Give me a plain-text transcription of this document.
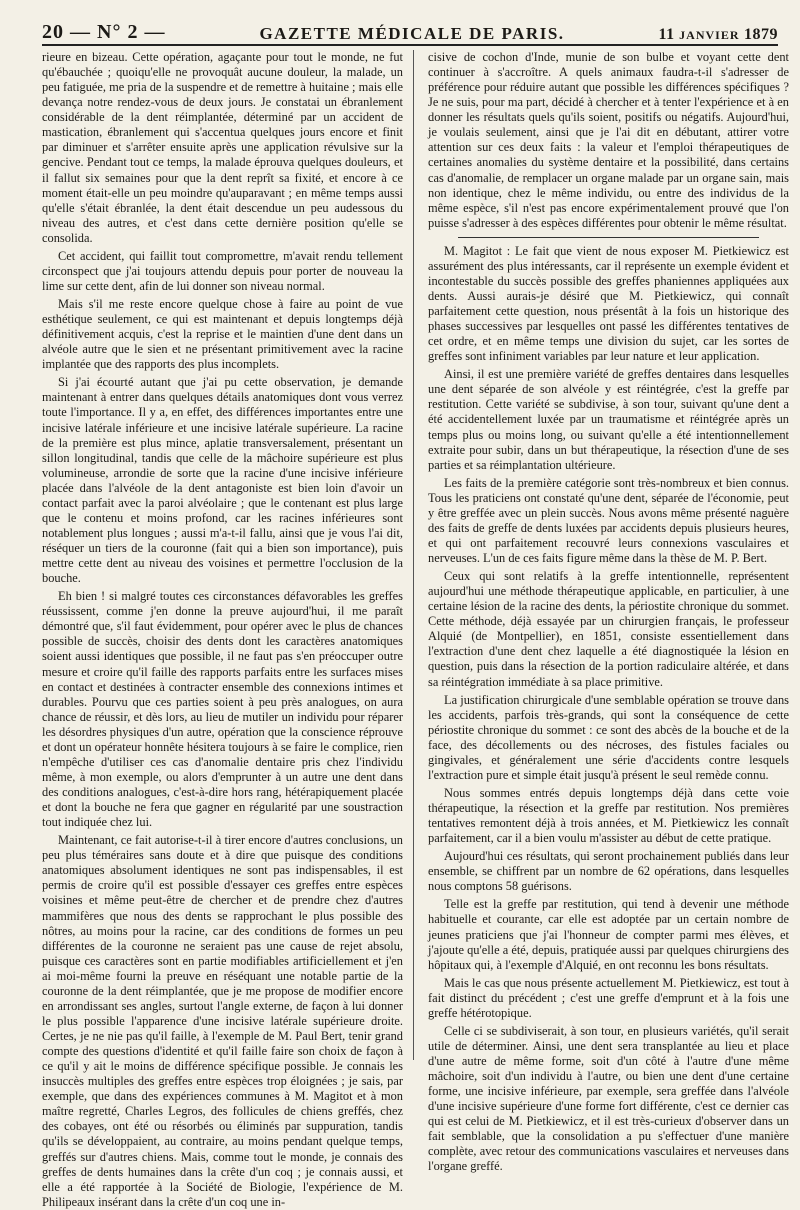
20 — N° 2 —	GAZETTE MÉDICALE DE PARIS.	11 JANVIER 1879

rieure en bizeau. Cette opération, agaçante pour tout le monde, ne fut qu'ébauchée ; quoiqu'elle ne provoquât aucune douleur, la malade, un peu fatiguée, me pria de la suspendre et de remettre à huitaine ; mais elle devança notre rendez-vous de deux jours. Je constatai un ébranlement considérable de la dent réimplantée, déterminé par un accident de mastication, ébranlement qui s'accentua quelques jours encore et finit par diminuer et s'arrêter ensuite après une application révulsive sur la gencive. Pendant tout ce temps, la malade éprouva quelques douleurs, et il fallut six semaines pour que la dent reprît sa fixité, et encore à ce moment était-elle un peu moindre qu'auparavant ; en même temps aussi qu'elle s'était ébranlée, la dent était descendue un peu audessous du niveau des autres, et c'est dans cette dernière position qu'elle se consolida.

Cet accident, qui faillit tout compromettre, m'avait rendu tellement circonspect que j'ai toujours attendu depuis pour porter de nouveau la lime sur cette dent, afin de lui donner son niveau normal.

Mais s'il me reste encore quelque chose à faire au point de vue esthétique seulement, ce qui est maintenant et depuis longtemps déjà définitivement acquis, c'est la reprise et le maintien d'une dent dans un alvéole autre que le sien et ne présentant primitivement avec la racine implantée que des rapports des plus incomplets.

Si j'ai écourté autant que j'ai pu cette observation, je demande maintenant à entrer dans quelques détails anatomiques dont vous verrez toute l'importance. Il y a, en effet, des différences importantes entre une incisive latérale inférieure et une incisive latérale supérieure. La racine de la première est plus mince, aplatie transversalement, présentant un sillon longitudinal, tandis que celle de la mâchoire supérieure est plus volumineuse, arrondie de sorte que la racine d'une incisive inférieure placée dans l'alvéole de la dent antagoniste est bien loin d'avoir un contact parfait avec la paroi alvéolaire ; que le contenant est plus large que le contenu et moins profond, car les racines inférieures sont notablement plus longues ; aussi m'a-t-il fallu, ainsi que je vous l'ai dit, réséquer un tiers de la couronne (fait qui a bien son importance), puis mettre cette dent au niveau des voisines et permettre l'occlusion de la bouche.

Eh bien ! si malgré toutes ces circonstances défavorables les greffes réussissent, comme j'en donne la preuve aujourd'hui, il me paraît démontré que, s'il faut évidemment, pour opérer avec le plus de chances possible de succès, choisir des dents dont les caractères anatomiques soient aussi identiques que possible, il ne faut pas s'en préoccuper outre mesure et croire qu'il faille des rapports parfaits entre les surfaces mises en contact et destinées à contracter ensemble des connexions intimes et durables. Pourvu que ces parties soient à peu près analogues, on aura chance de réussir, et dès lors, au lieu de mutiler un individu pour réparer les désordres physiques d'un autre, opération que la conscience réprouve et dont un opérateur honnête hésitera toujours à se faire le complice, rien n'empêche d'utiliser ces cas d'anomalie dentaire pris chez l'individu même, à mon exemple, ou alors d'emprunter à un autre une dent dans des conditions analogues, c'est-à-dire hors rang, hétérapiquement placée et dont la bouche ne fera que gagner en régularité par une soustraction tout indiquée chez lui.

Maintenant, ce fait autorise-t-il à tirer encore d'autres conclusions, un peu plus téméraires sans doute et à dire que puisque des conditions anatomiques absolument identiques ne sont pas indispensables, il est permis de croire qu'il est possible d'essayer ces greffes entre espèces voisines et même peut-être de chercher et de prendre chez d'autres mammifères que nous des dents se rapprochant le plus possible des nôtres, au moins pour la racine, car des conditions de formes un peu différentes de la couronne ne seraient pas une cause de rejet absolu, puisque ces caractères sont en partie modifiables artificiellement et j'en ai moi-même fourni la preuve en réséquant une notable partie de la couronne de la dent réimplantée, que je me propose de modifier encore en arrondissant ses angles, surtout l'angle externe, de façon à lui donner le plus possible l'apparence d'une incisive latérale supérieure droite. Certes, je ne nie pas qu'il faille, à l'exemple de M. Paul Bert, tenir grand compte des questions d'identité et qu'il faille faire son choix de façon à ce qu'il y ait le moins de différence spécifique possible. Je connais les insuccès multiples des greffes entre espèces trop éloignées ; je sais, par exemple, que dans des expériences communes à M. Magitot et à mon maître regretté, Charles Legros, des follicules de chiens greffés, chez des cobayes, ont été ou résorbés ou éliminés par suppuration, tandis qu'ils se développaient, au contraire, au moins pendant quelque temps, greffés sur d'autres chiens. Mais, comme tout le monde, je connais des greffes de dents humaines dans la crête d'un coq ; je connais aussi, et elle a été rapportée à la Société de Biologie, l'expérience de M. Philipeaux insérant dans la crête d'un coq une in-

cisive de cochon d'Inde, munie de son bulbe et voyant cette dent continuer à s'accroître. A quels animaux faudra-t-il s'adresser de préférence pour réduire autant que possible les différences spécifiques ? Je ne suis, pour ma part, décidé à chercher et à tenter l'expérience et à en donner les résultats quels qu'ils soient, positifs ou négatifs. Aujourd'hui, je voulais seulement, ainsi que je l'ai dit en débutant, attirer votre attention sur ces deux faits : la valeur et l'emploi thérapeutiques de certaines anomalies du système dentaire et la possibilité, dans certains cas d'anomalie, de remplacer un organe malade par un organe sain, mais non identique, chez le même individu, ou entre des individus de la même espèce, s'il n'est pas encore expérimentalement prouvé que l'on puisse s'adresser à des espèces différentes pour obtenir le même résultat.

M. Magitot : Le fait que vient de nous exposer M. Pietkiewicz est assurément des plus intéressants, car il représente un exemple évident et incontestable du succès possible des greffes phaniennes appliquées aux dents. Aussi aurais-je désiré que M. Pietkiewicz, qui connaît parfaitement cette question, nous présentât à la fois un historique des phases successives par lesquelles ont passé les différentes tentatives de cet ordre, et en même temps une division du sujet, car les sortes de greffes sont infiniment variables par leur nature et leur application.

Ainsi, il est une première variété de greffes dentaires dans lesquelles une dent séparée de son alvéole y est réintégrée, c'est la greffe par restitution. Cette variété se subdivise, à son tour, suivant qu'une dent a été accidentellement luxée par un traumatisme et réintégrée après un temps plus ou moins long, ou suivant qu'elle a été intentionnellement extraite pour subir, dans un but thérapeutique, la résection d'une de ses parties et sa réimplantation ultérieure.

Les faits de la première catégorie sont très-nombreux et bien connus. Tous les praticiens ont constaté qu'une dent, séparée de l'économie, peut y être greffée avec un plein succès. Nous avons même présenté naguère des faits de greffe de dents luxées par accidents depuis plusieurs heures, et qui ont parfaitement recouvré leurs connexions vasculaires et nerveuses. L'un de ces faits figure même dans la thèse de M. P. Bert.

Ceux qui sont relatifs à la greffe intentionnelle, représentent aujourd'hui une méthode thérapeutique applicable, en particulier, à une certaine lésion de la racine des dents, la périostite chronique du sommet. Cette méthode, déjà essayée par un chirurgien français, le professeur Alquié (de Montpellier), en 1851, consiste essentiellement dans l'extraction d'une dent chez laquelle a été diagnostiquée la lésion en question, puis dans la résection de la portion radiculaire altérée, et dans sa réintégration immédiate à sa place primitive.

La justification chirurgicale d'une semblable opération se trouve dans les accidents, parfois très-grands, qui sont la conséquence de cette périostite chronique du sommet : ce sont des abcès de la bouche et de la face, des décollements ou des nécroses, des fistules faciales ou gingivales, et généralement une série d'accidents contre lesquels l'extraction pure et simple était jusqu'à présent le seul remède connu.

Nous sommes entrés depuis longtemps déjà dans cette voie thérapeutique, la résection et la greffe par restitution. Nos premières tentatives remontent déjà à trois années, et M. Pietkiewicz les connaît parfaitement, car il a bien voulu m'assister au début de cette pratique.

Aujourd'hui ces résultats, qui seront prochainement publiés dans leur ensemble, se chiffrent par un nombre de 62 opérations, dans lesquelles nous comptons 58 guérisons.

Telle est la greffe par restitution, qui tend à devenir une méthode habituelle et courante, car elle est adoptée par un certain nombre de jeunes praticiens que j'ai l'honneur de compter parmi mes élèves, et j'ajoute qu'elle a été, depuis, pratiquée aussi par quelques chirurgiens des hôpitaux qui, à l'exemple d'Alquié, en ont reconnu les bons résultats.

Mais le cas que nous présente actuellement M. Pietkiewicz, est tout à fait distinct du précédent ; c'est une greffe d'emprunt et à la fois une greffe hétérotopique.

Celle ci se subdiviserait, à son tour, en plusieurs variétés, qu'il serait utile de déterminer. Ainsi, une dent sera transplantée au lieu et place d'une autre de même forme, soit d'un côté à l'autre d'une même mâchoire, soit d'un individu à l'autre, ou bien une dent d'une certaine forme, une incisive inférieure, par exemple, sera greffée dans l'alvéole d'une incisive supérieure d'une forme fort différente, c'est ce dernier cas qui est celui de M. Pietkiewicz, et il est très-curieux d'observer dans un fait semblable, que la consolidation a pu s'effectuer d'une manière complète, avec retour des communications vasculaires et nerveuses dans l'organe greffé.
